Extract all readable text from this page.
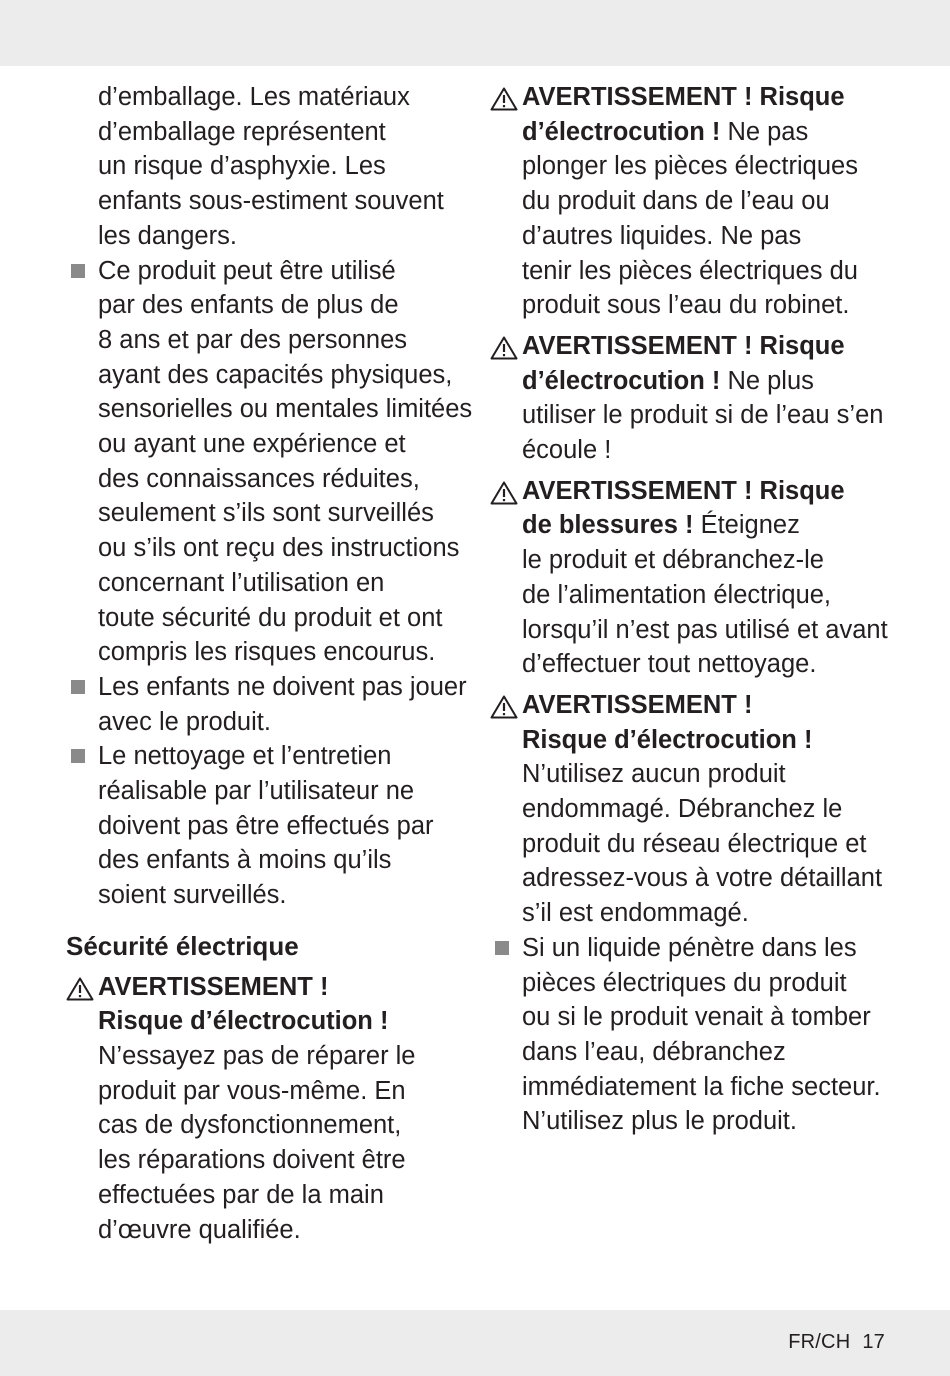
d’emballage. Les matériaux
d’emballage représentent
un risque d’asphyxie. Les
enfants sous-estiment souvent
les dangers.
Ce produit peut être utilisé
par des enfants de plus de
8 ans et par des personnes
ayant des capacités physiques,
sensorielles ou mentales limitées
ou ayant une expérience et
des connaissances réduites,
seulement s’ils sont surveillés
ou s’ils ont reçu des instructions
concernant l’utilisation en
toute sécurité du produit et ont
compris les risques encourus.
Les enfants ne doivent pas jouer
avec le produit.
Le nettoyage et l’entretien
réalisable par l’utilisateur ne
doivent pas être effectués par
des enfants à moins qu’ils
soient surveillés.
Sécurité électrique
AVERTISSEMENT !
Risque d’électrocution !
N’essayez pas de réparer le
produit par vous-même. En
cas de dysfonctionnement,
les réparations doivent être
effectuées par de la main
d’œuvre qualifiée.
AVERTISSEMENT ! Risque
d’électrocution ! Ne pas
plonger les pièces électriques
du produit dans de l’eau ou
d’autres liquides. Ne pas
tenir les pièces électriques du
produit sous l’eau du robinet.
AVERTISSEMENT ! Risque
d’électrocution ! Ne plus
utiliser le produit si de l’eau s’en
écoule !
AVERTISSEMENT ! Risque
de blessures ! Éteignez
le produit et débranchez-le
de l’alimentation électrique,
lorsqu’il n’est pas utilisé et avant
d’effectuer tout nettoyage.
AVERTISSEMENT !
Risque d’électrocution !
N’utilisez aucun produit
endommagé. Débranchez le
produit du réseau électrique et
adressez-vous à votre détaillant
s’il est endommagé.
Si un liquide pénètre dans les
pièces électriques du produit
ou si le produit venait à tomber
dans l’eau, débranchez
immédiatement la fiche secteur.
N’utilisez plus le produit.
FR/CH 17
